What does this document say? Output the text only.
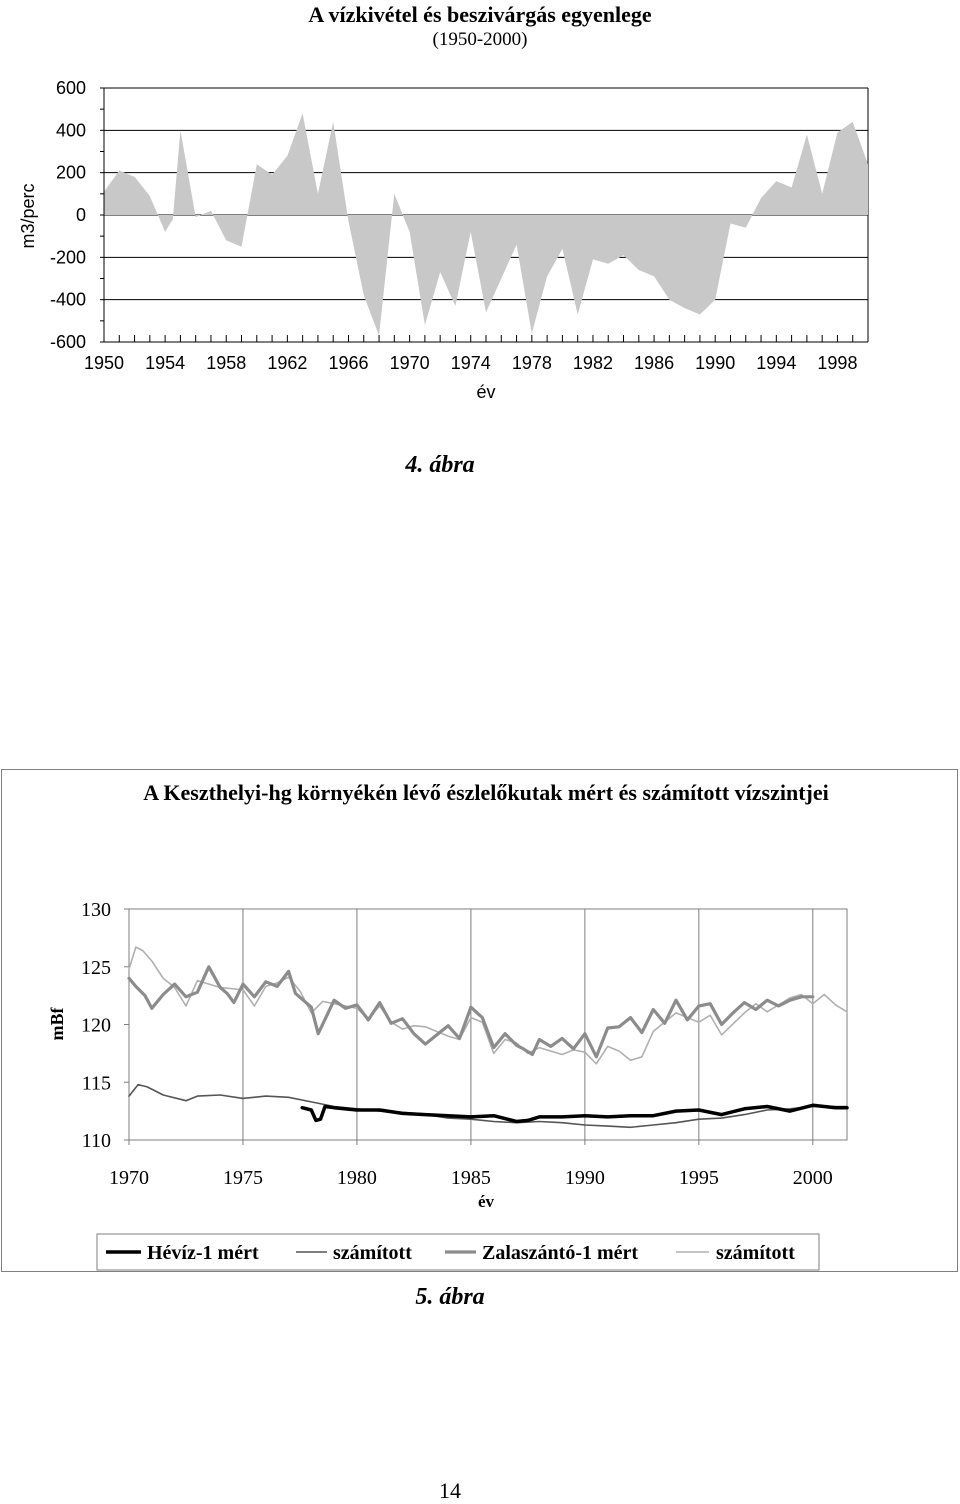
A vízkivétel és beszivárgás egyenlege
(1950-2000)
600
400
200
0
-200
-400
-600
1950 1954 1958 1962 1966 1970 1974 1978 1982 1986 1990 1994 1998
év
m3/perc
4. ábra
A Keszthelyi-hg környékén lévő észlelőkutak mért és számított vízszintjei
130
125
120
115
110
1970	1975	1980	1985	1990	1995	2000
év
mBf
Hévíz-1 mért	számított	Zalaszántó-1 mért	számított
5. ábra
14
